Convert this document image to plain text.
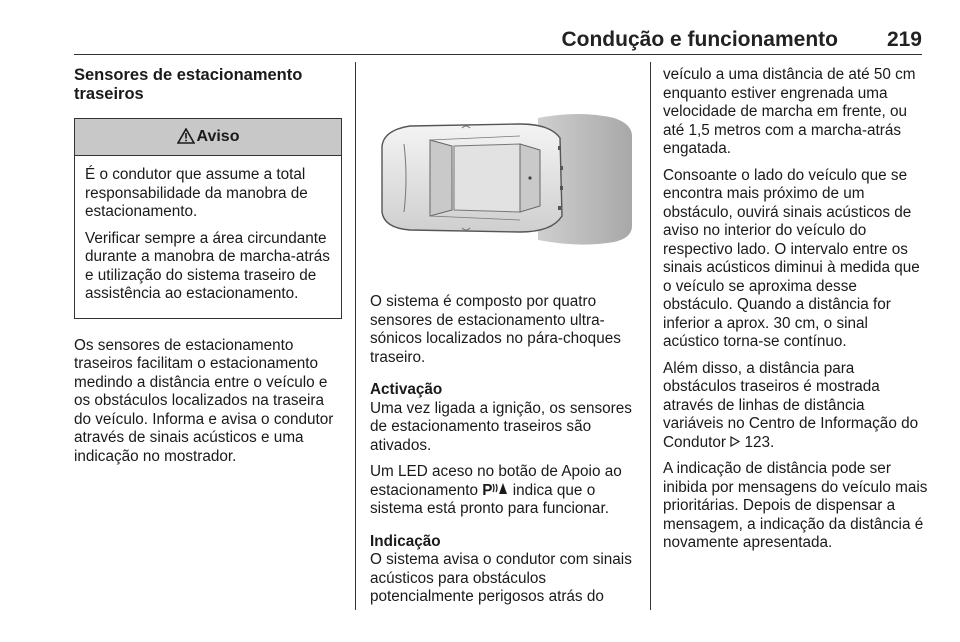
Condução e funcionamento 219
Sensores de estacionamento traseiros
Aviso

É o condutor que assume a total responsabilidade da manobra de estacionamento.

Verificar sempre a área circundante durante a manobra de marcha-atrás e utilização do sistema traseiro de assistência ao estacionamento.

Os sensores de estacionamento traseiros facilitam o estacionamento medindo a distância entre o veículo e os obstáculos localizados na traseira do veículo. Informa e avisa o condutor através de sinais acústicos e uma indicação no mostrador.

O sistema é composto por quatro sensores de estacionamento ultra-sónicos localizados no pára-choques traseiro.

Activação

Uma vez ligada a ignição, os sensores de estacionamento traseiros são ativados.

Um LED aceso no botão de Apoio ao estacionamento P indica que o sistema está pronto para funcionar.

Indicação

O sistema avisa o condutor com sinais acústicos para obstáculos potencialmente perigosos atrás do

veículo a uma distância de até 50 cm enquanto estiver engrenada uma velocidade de marcha em frente, ou até 1,5 metros com a marcha-atrás engatada.

Consoante o lado do veículo que se encontra mais próximo de um obstáculo, ouvirá sinais acústicos de aviso no interior do veículo do respectivo lado. O intervalo entre os sinais acústicos diminui à medida que o veículo se aproxima desse obstáculo. Quando a distância for inferior a aprox. 30 cm, o sinal acústico torna-se contínuo.

Além disso, a distância para obstáculos traseiros é mostrada através de linhas de distância variáveis no Centro de Informação do Condutor 123.

A indicação de distância pode ser inibida por mensagens do veículo mais prioritárias. Depois de dispensar a mensagem, a indicação da distância é novamente apresentada.
